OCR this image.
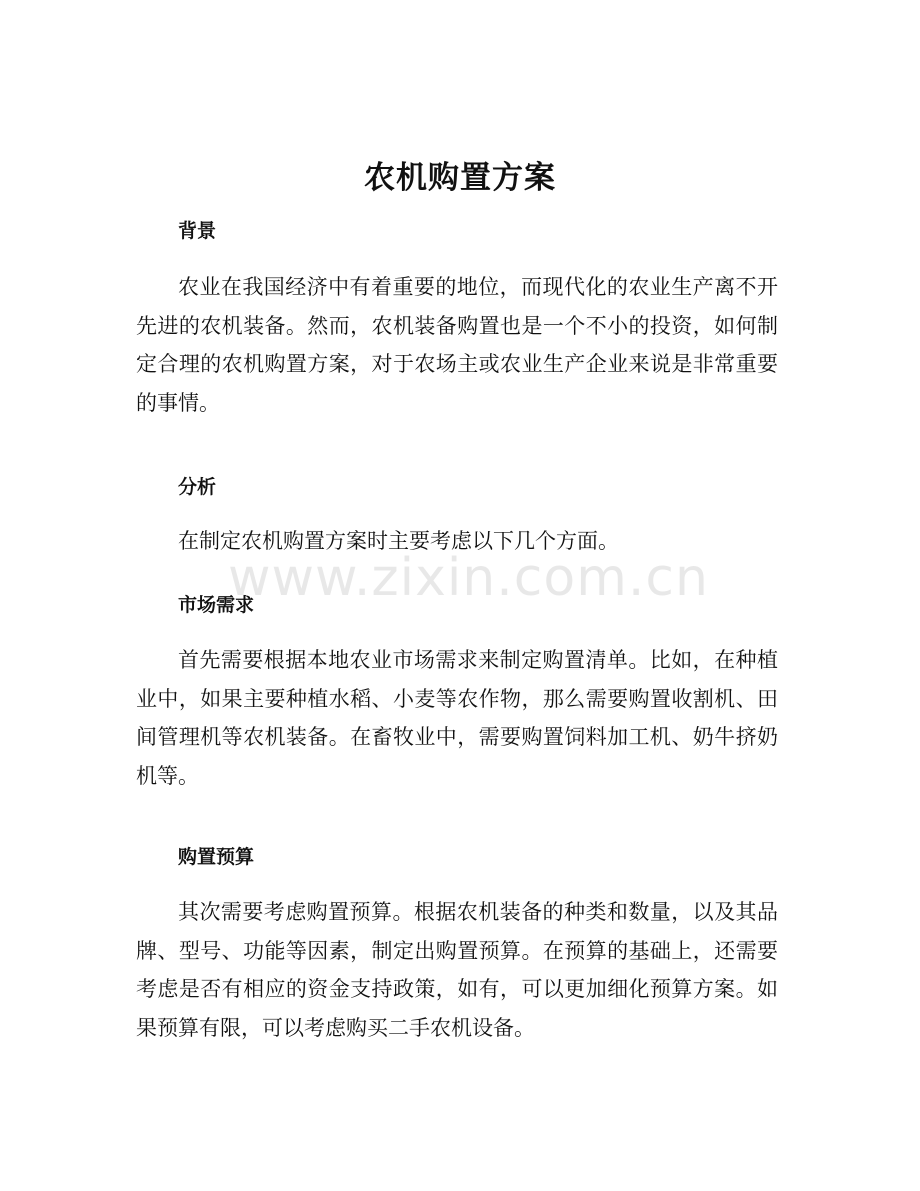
农机购置方案
背景

农业在我国经济中有着重要的地位，而现代化的农业生产离不开先进的农机装备。然而，农机装备购置也是一个不小的投资，如何制定合理的农机购置方案，对于农场主或农业生产企业来说是非常重要的事情。

分析

在制定农机购置方案时主要考虑以下几个方面。

市场需求

首先需要根据本地农业市场需求来制定购置清单。比如，在种植业中，如果主要种植水稻、小麦等农作物，那么需要购置收割机、田间管理机等农机装备。在畜牧业中，需要购置饲料加工机、奶牛挤奶机等。

购置预算

其次需要考虑购置预算。根据农机装备的种类和数量，以及其品牌、型号、功能等因素，制定出购置预算。在预算的基础上，还需要考虑是否有相应的资金支持政策，如有，可以更加细化预算方案。如果预算有限，可以考虑购买二手农机设备。

www.zixin.com.cn
